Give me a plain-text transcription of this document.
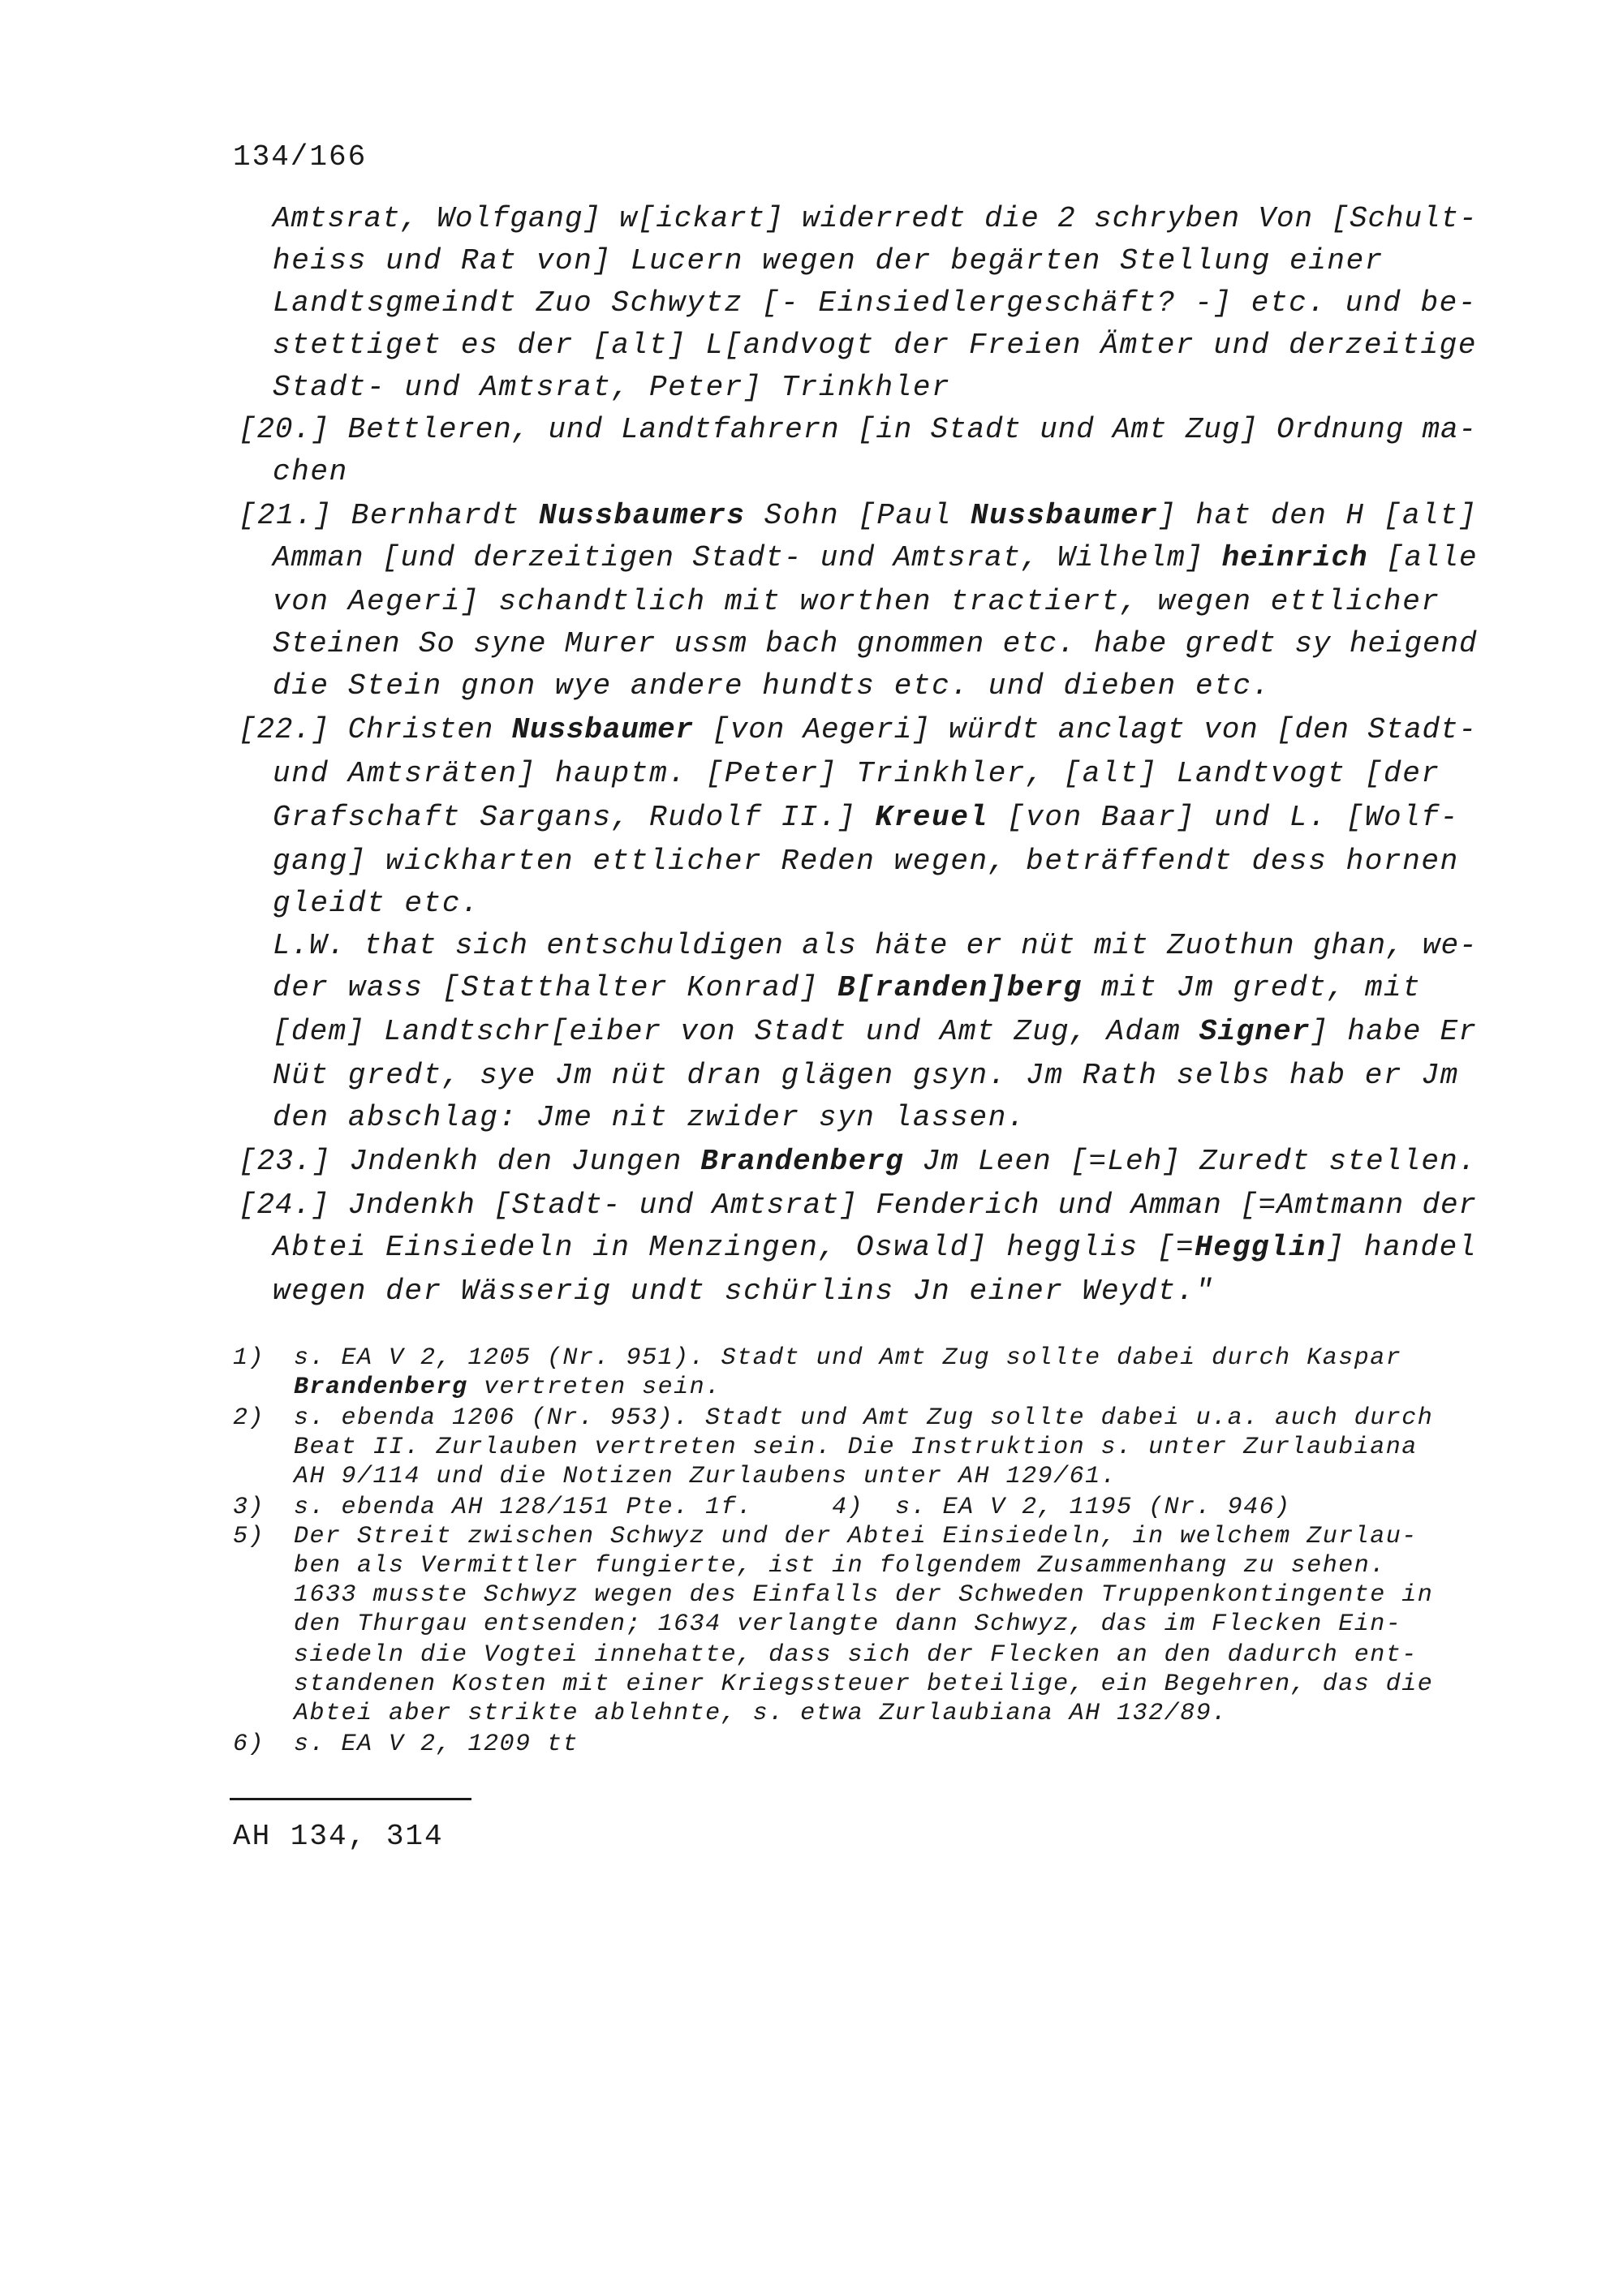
134/166
Amtsrat, Wolfgang] w[ickart] widerredt die 2 schryben Von [Schult-
heiss und Rat von] Lucern wegen der begärten Stellung einer
Landtsgmeindt Zuo Schwytz [- Einsiedlergeschäft? -] etc. und be-
stettiget es der [alt] L[andvogt der Freien Ämter und derzeitige
Stadt- und Amtsrat, Peter] Trinkhler
[20.] Bettleren, und Landtfahrern [in Stadt und Amt Zug] Ordnung ma-
chen
[21.] Bernhardt Nussbaumers Sohn [Paul Nussbaumer] hat den H [alt]
Amman [und derzeitigen Stadt- und Amtsrat, Wilhelm] heinrich [alle
von Aegeri] schandtlich mit worthen tractiert, wegen ettlicher
Steinen So syne Murer ussm bach gnommen etc. habe gredt sy heigend
die Stein gnon wye andere hundts etc. und dieben etc.
[22.] Christen Nussbaumer [von Aegeri] würdt anclagt von [den Stadt-
und Amtsräten] hauptm. [Peter] Trinkhler, [alt] Landtvogt [der
Grafschaft Sargans, Rudolf II.] Kreuel [von Baar] und L. [Wolf-
gang] wickharten ettlicher Reden wegen, beträffendt dess hornen
gleidt etc.
L.W. that sich entschuldigen als häte er nüt mit Zuothun ghan, we-
der wass [Statthalter Konrad] B[randen]berg mit Jm gredt, mit
[dem] Landtschr[eiber von Stadt und Amt Zug, Adam Signer] habe Er
Nüt gredt, sye Jm nüt dran glägen gsyn. Jm Rath selbs hab er Jm
den abschlag: Jme nit zwider syn lassen.
[23.] Jndenkh den Jungen Brandenberg Jm Leen [=Leh] Zuredt stellen.
[24.] Jndenkh [Stadt- und Amtsrat] Fenderich und Amman [=Amtmann der
Abtei Einsiedeln in Menzingen, Oswald] hegglis [=Hegglin] handel
wegen der Wässerig undt schürlins Jn einer Weydt."
1)
2)
3)
5)
6)
s. EA V 2, 1205 (Nr. 951). Stadt und Amt Zug sollte dabei durch Kaspar
Brandenberg vertreten sein.
s. ebenda 1206 (Nr. 953). Stadt und Amt Zug sollte dabei u.a. auch durch
Beat II. Zurlauben vertreten sein. Die Instruktion s. unter Zurlaubiana
AH 9/114 und die Notizen Zurlaubens unter AH 129/61.
s. ebenda AH 128/151 Pte. 1f.     4)  s. EA V 2, 1195 (Nr. 946)
Der Streit zwischen Schwyz und der Abtei Einsiedeln, in welchem Zurlau-
ben als Vermittler fungierte, ist in folgendem Zusammenhang zu sehen.
1633 musste Schwyz wegen des Einfalls der Schweden Truppenkontingente in
den Thurgau entsenden; 1634 verlangte dann Schwyz, das im Flecken Ein-
siedeln die Vogtei innehatte, dass sich der Flecken an den dadurch ent-
standenen Kosten mit einer Kriegssteuer beteilige, ein Begehren, das die
Abtei aber strikte ablehnte, s. etwa Zurlaubiana AH 132/89.
s. EA V 2, 1209 tt
AH 134, 314
